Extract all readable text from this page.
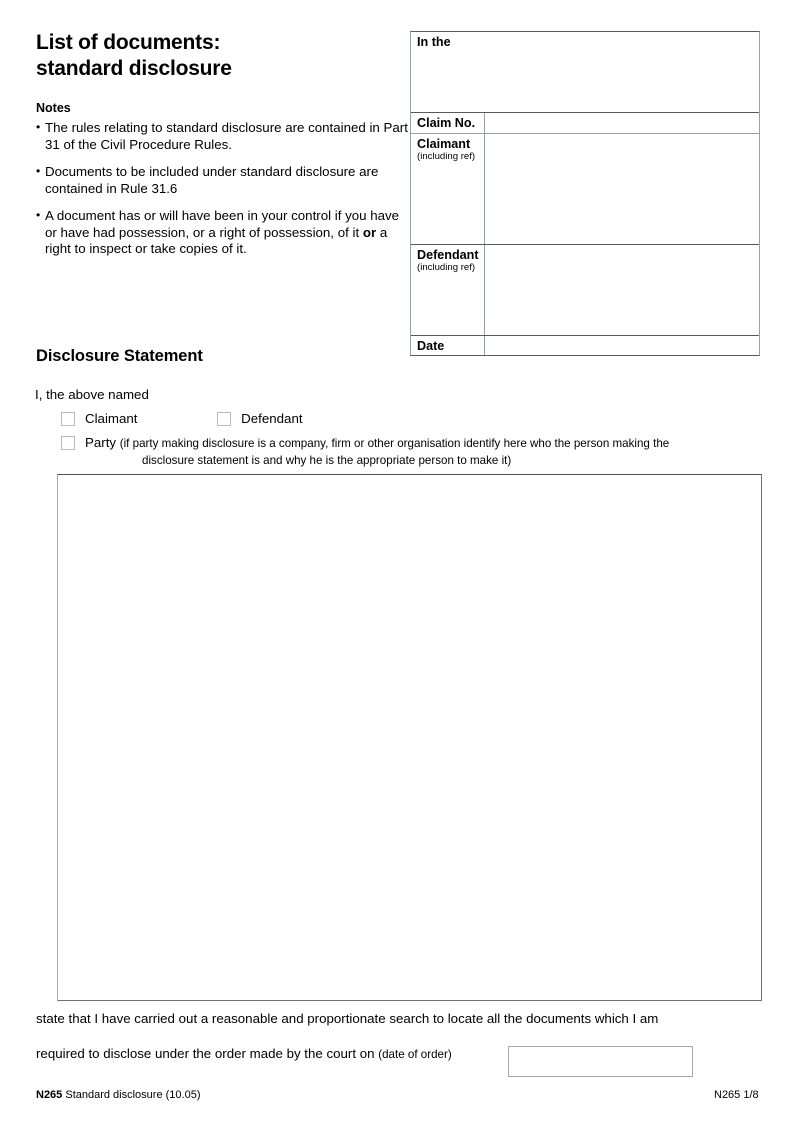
List of documents:
standard disclosure
Notes
• The rules relating to standard disclosure are contained in Part 31 of the Civil Procedure Rules.
• Documents to be included under standard disclosure are contained in Rule 31.6
• A document has or will have been in your control if you have or have had possession, or a right of possession, of it or a right to inspect or take copies of it.
In the
Claim No.
Claimant
(including ref)
Defendant
(including ref)
Date
Disclosure Statement
I, the above named
Claimant
	Defendant
Party (if party making disclosure is a company, firm or other organisation identify here who the person making the
disclosure statement is and why he is the appropriate person to make it)
state that I have carried out a reasonable and proportionate search to locate all the documents which I am
required to disclose under the order made by the court on (date of order)
N265 Standard disclosure (10.05)	N265 1/8
